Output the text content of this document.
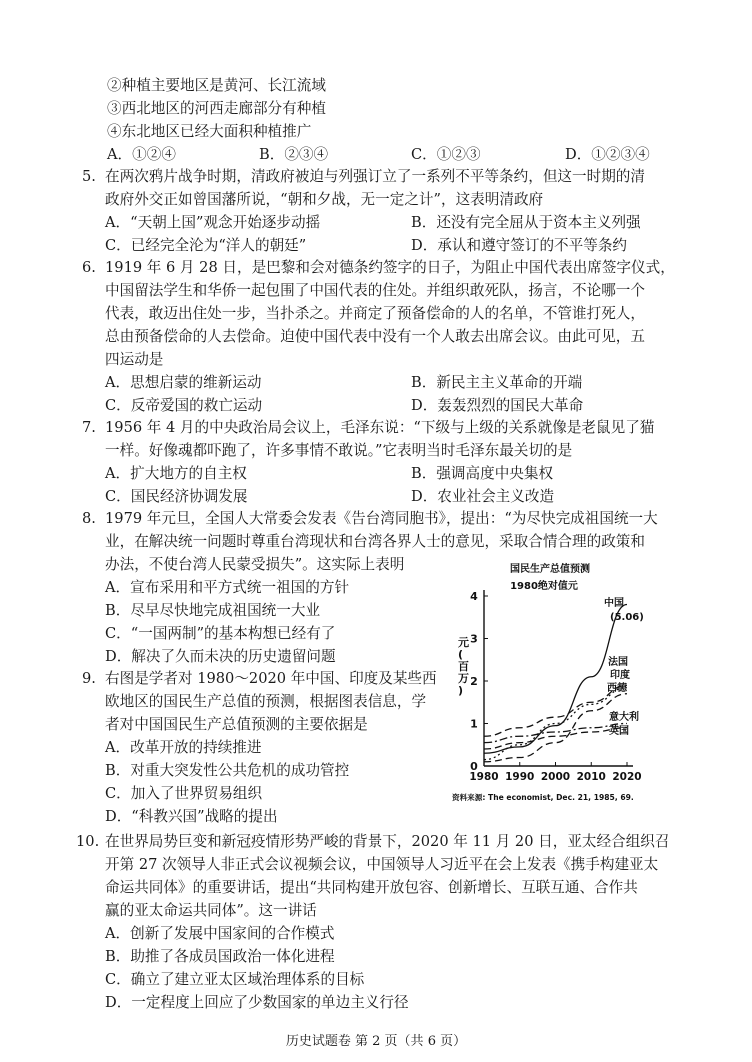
②种植主要地区是黄河、长江流域
③西北地区的河西走廊部分有种植
④东北地区已经大面积种植推广
A．①②④	B．②③④	C．①②③	D．①②③④
5. 在两次鸦片战争时期，清政府被迫与列强订立了一系列不平等条约，但这一时期的清
政府外交正如曾国藩所说，“朝和夕战，无一定之计”，这表明清政府
A．“天朝上国”观念开始逐步动摇	B．还没有完全屈从于资本主义列强
C．已经完全沦为“洋人的朝廷”	D．承认和遵守签订的不平等条约
6. 1919 年 6 月 28 日，是巴黎和会对德条约签字的日子，为阻止中国代表出席签字仪式，
中国留法学生和华侨一起包围了中国代表的住处。并组织敢死队，扬言，不论哪一个
代表，敢迈出住处一步，当扑杀之。并商定了预备偿命的人的名单，不管谁打死人，
总由预备偿命的人去偿命。迫使中国代表中没有一个人敢去出席会议。由此可见，五
四运动是
A．思想启蒙的维新运动	B．新民主主义革命的开端
C．反帝爱国的救亡运动	D．轰轰烈烈的国民大革命
7. 1956 年 4 月的中央政治局会议上，毛泽东说：“下级与上级的关系就像是老鼠见了猫
一样。好像魂都吓跑了，许多事情不敢说。”它表明当时毛泽东最关切的是
A．扩大地方的自主权	B．强调高度中央集权
C．国民经济协调发展	D．农业社会主义改造
8. 1979 年元旦，全国人大常委会发表《告台湾同胞书》，提出：“为尽快完成祖国统一大
业，在解决统一问题时尊重台湾现状和台湾各界人士的意见，采取合情合理的政策和
办法，不使台湾人民蒙受损失”。这实际上表明
A．宣布采用和平方式统一祖国的方针
B．尽早尽快地完成祖国统一大业
C．“一国两制”的基本构想已经有了
D．解决了久而未决的历史遗留问题
9. 右图是学者对 1980～2020 年中国、印度及某些西
欧地区的国民生产总值的预测，根据图表信息，学
者对中国国民生产总值预测的主要依据是
A．改革开放的持续推进
B．对重大突发性公共危机的成功管控
C．加入了世界贸易组织
D．“科教兴国”战略的提出
国民生产总值预测
1980绝对值元
元
(
百
万
)
0
1
2
3
4
1980 1990 2000 2010 2020
中国
法国
印度
西德
意大利
英国
(5.06)
资料来源: The economist, Dec. 21, 1985, 69.
10. 在世界局势巨变和新冠疫情形势严峻的背景下，2020 年 11 月 20 日，亚太经合组织召
开第 27 次领导人非正式会议视频会议，中国领导人习近平在会上发表《携手构建亚太
命运共同体》的重要讲话，提出“共同构建开放包容、创新增长、互联互通、合作共
赢的亚太命运共同体”。这一讲话
A．创新了发展中国家间的合作模式
B．助推了各成员国政治一体化进程
C．确立了建立亚太区域治理体系的目标
D．一定程度上回应了少数国家的单边主义行径
历史试题卷 第 2 页（共 6 页）
